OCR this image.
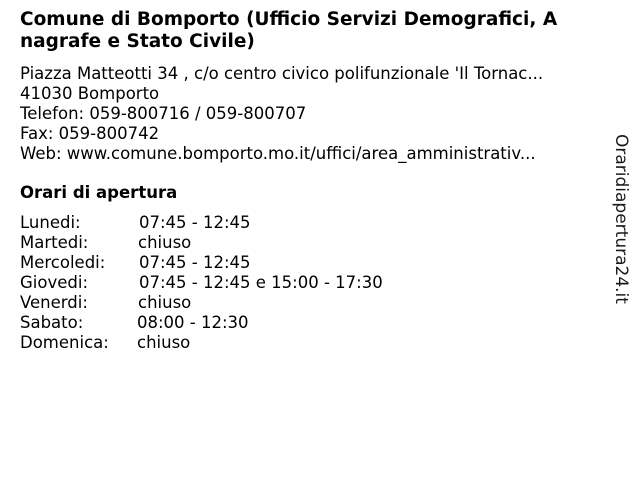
Comune di Bomporto (Ufficio Servizi Demografici, A
nagrafe e Stato Civile)
Piazza Matteotti 34 , c/o centro civico polifunzionale 'Il Tornac...
41030 Bomporto
Telefon: 059-800716 / 059-800707
Fax: 059-800742
Web: www.comune.bomporto.mo.it/uffici/area_amministrativ...
Orari di apertura
Lunedi:	07:45 - 12:45
Martedi:	chiuso
Mercoledi: 07:45 - 12:45
Giovedi:	07:45 - 12:45 e 15:00 - 17:30
Venerdi:	chiuso
Sabato:	08:00 - 12:30
Domenica: chiuso
Oraridiapertura24.it
